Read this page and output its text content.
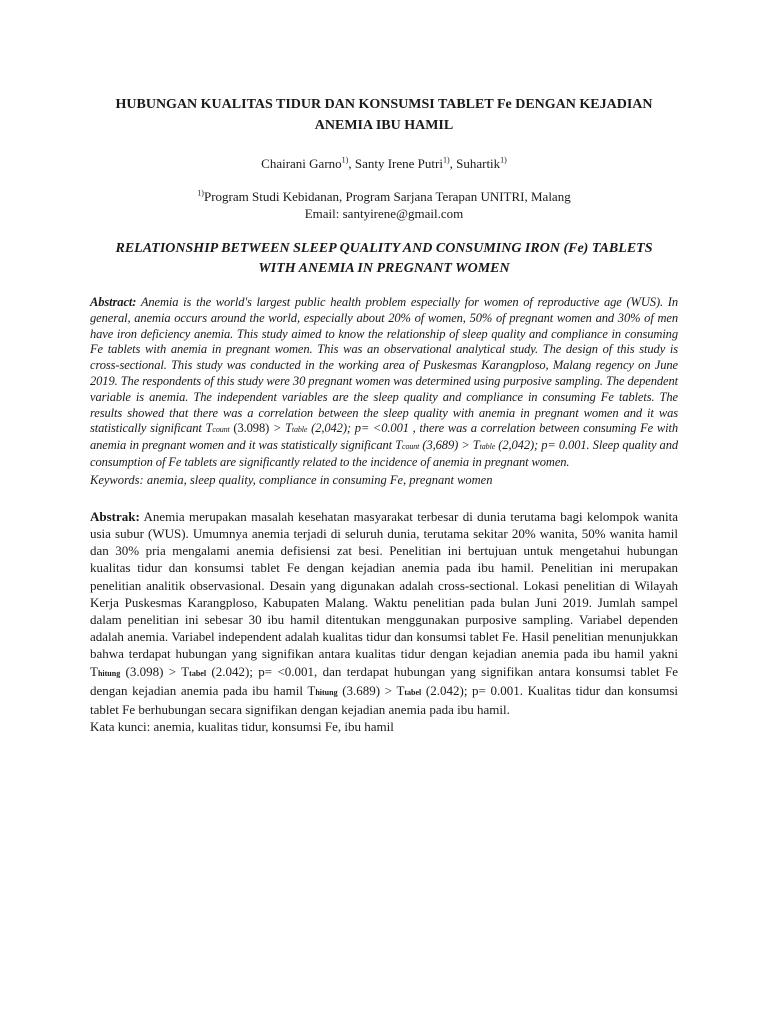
HUBUNGAN KUALITAS TIDUR DAN KONSUMSI TABLET Fe DENGAN KEJADIAN ANEMIA IBU HAMIL
Chairani Garno$^{1)}$, Santy Irene Putri$^{1)}$, Suhartik$^{1)}$
$^{1)}$Program Studi Kebidanan, Program Sarjana Terapan UNITRI, Malang
Email: santyirene@gmail.com
RELATIONSHIP BETWEEN SLEEP QUALITY AND CONSUMING IRON (Fe) TABLETS WITH ANEMIA IN PREGNANT WOMEN
Abstract: Anemia is the world's largest public health problem especially for women of reproductive age (WUS). In general, anemia occurs around the world, especially about 20% of women, 50% of pregnant women and 30% of men have iron deficiency anemia. This study aimed to know the relationship of sleep quality and compliance in consuming Fe tablets with anemia in pregnant women. This was an observational analytical study. The design of this study is cross-sectional. This study was conducted in the working area of Puskesmas Karangploso, Malang regency on June 2019. The respondents of this study were 30 pregnant women was determined using purposive sampling. The dependent variable is anemia. The independent variables are the sleep quality and compliance in consuming Fe tablets. The results showed that there was a correlation between the sleep quality with anemia in pregnant women and it was statistically significant Tcount (3.098) > Ttable (2,042); p= <0.001 , there was a correlation between consuming Fe with anemia in pregnant women and it was statistically significant Tcount (3,689) > Ttable (2,042); p= 0.001. Sleep quality and consumption of Fe tablets are significantly related to the incidence of anemia in pregnant women.
Keywords: anemia, sleep quality, compliance in consuming Fe, pregnant women
Abstrak: Anemia merupakan masalah kesehatan masyarakat terbesar di dunia terutama bagi kelompok wanita usia subur (WUS). Umumnya anemia terjadi di seluruh dunia, terutama sekitar 20% wanita, 50% wanita hamil dan 30% pria mengalami anemia defisiensi zat besi. Penelitian ini bertujuan untuk mengetahui hubungan kualitas tidur dan konsumsi tablet Fe dengan kejadian anemia pada ibu hamil. Penelitian ini merupakan penelitian analitik observasional. Desain yang digunakan adalah cross-sectional. Lokasi penelitian di Wilayah Kerja Puskesmas Karangploso, Kabupaten Malang. Waktu penelitian pada bulan Juni 2019. Jumlah sampel dalam penelitian ini sebesar 30 ibu hamil ditentukan menggunakan purposive sampling. Variabel dependen adalah anemia. Variabel independent adalah kualitas tidur dan konsumsi tablet Fe. Hasil penelitian menunjukkan bahwa terdapat hubungan yang signifikan antara kualitas tidur dengan kejadian anemia pada ibu hamil yakni Thitung (3.098) > Ttabel (2.042); p= <0.001, dan terdapat hubungan yang signifikan antara konsumsi tablet Fe dengan kejadian anemia pada ibu hamil Thitung (3.689) > Ttabel (2.042); p= 0.001. Kualitas tidur dan konsumsi tablet Fe berhubungan secara signifikan dengan kejadian anemia pada ibu hamil.
Kata kunci: anemia, kualitas tidur, konsumsi Fe, ibu hamil
